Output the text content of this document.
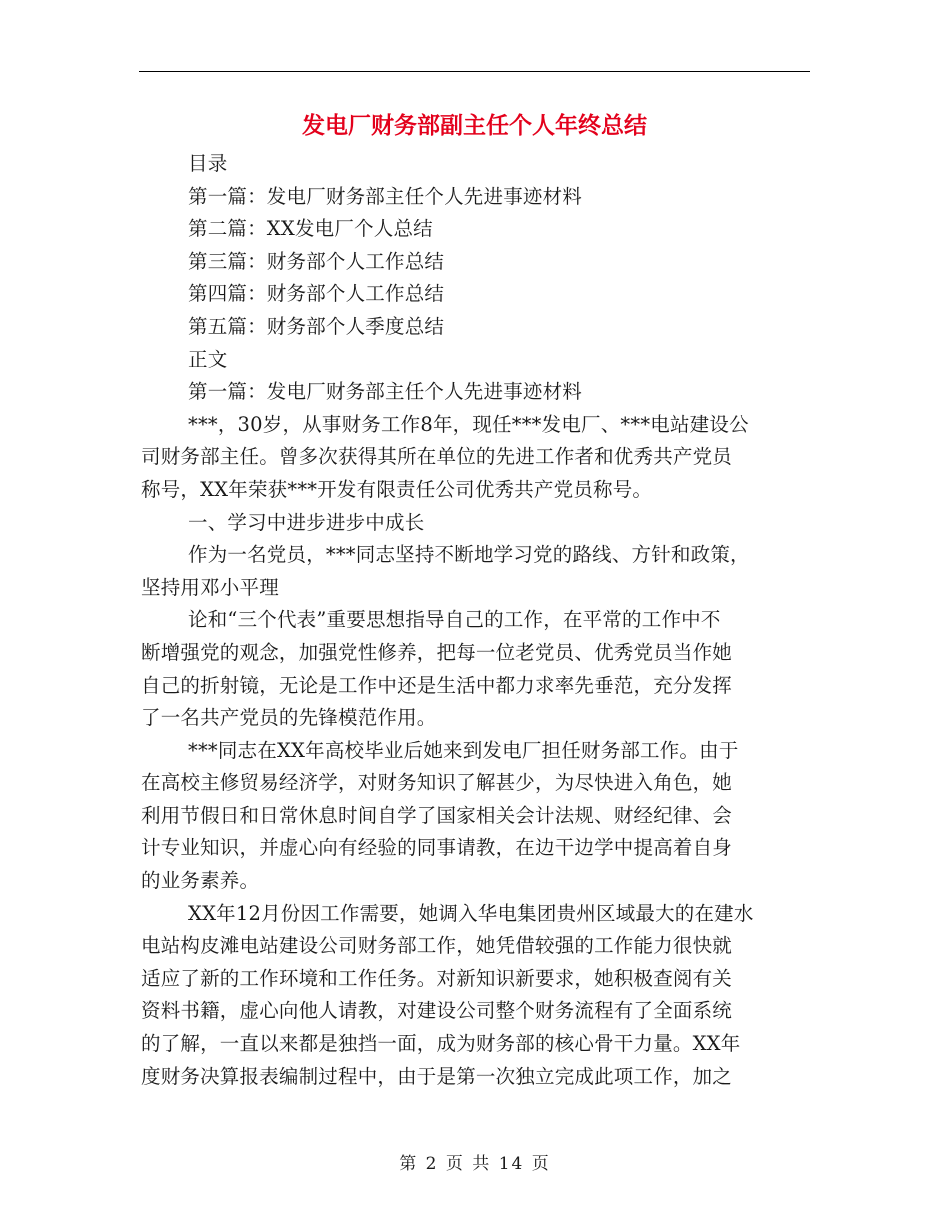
发电厂财务部副主任个人年终总结
目录
第一篇：发电厂财务部主任个人先进事迹材料
第二篇：XX发电厂个人总结
第三篇：财务部个人工作总结
第四篇：财务部个人工作总结
第五篇：财务部个人季度总结
正文
第一篇：发电厂财务部主任个人先进事迹材料
***，30岁，从事财务工作8年，现任***发电厂、***电站建设公
司财务部主任。曾多次获得其所在单位的先进工作者和优秀共产党员
称号，XX年荣获***开发有限责任公司优秀共产党员称号。
一、学习中进步进步中成长
作为一名党员，***同志坚持不断地学习党的路线、方针和政策，
坚持用邓小平理
论和“三个代表”重要思想指导自己的工作，在平常的工作中不
断增强党的观念，加强党性修养，把每一位老党员、优秀党员当作她
自己的折射镜，无论是工作中还是生活中都力求率先垂范，充分发挥
了一名共产党员的先锋模范作用。
***同志在XX年高校毕业后她来到发电厂担任财务部工作。由于
在高校主修贸易经济学，对财务知识了解甚少，为尽快进入角色，她
利用节假日和日常休息时间自学了国家相关会计法规、财经纪律、会
计专业知识，并虚心向有经验的同事请教，在边干边学中提高着自身
的业务素养。
XX年12月份因工作需要，她调入华电集团贵州区域最大的在建水
电站构皮滩电站建设公司财务部工作，她凭借较强的工作能力很快就
适应了新的工作环境和工作任务。对新知识新要求，她积极查阅有关
资料书籍，虚心向他人请教，对建设公司整个财务流程有了全面系统
的了解，一直以来都是独挡一面，成为财务部的核心骨干力量。XX年
度财务决算报表编制过程中，由于是第一次独立完成此项工作，加之
第 2 页 共 14 页
